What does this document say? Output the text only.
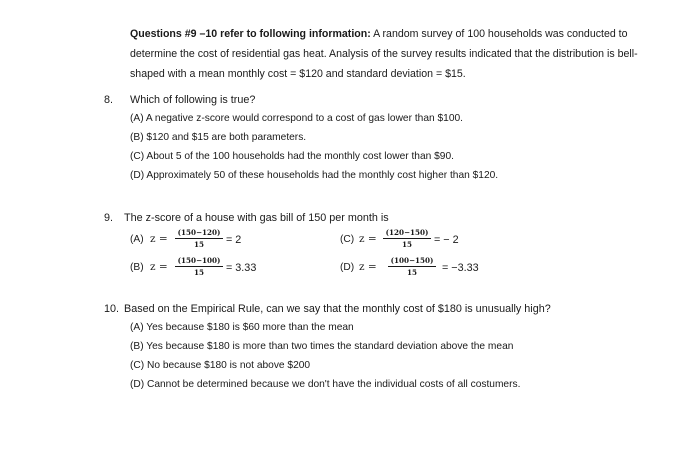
Questions #9 –10 refer to following information: A random survey of 100 households was conducted to determine the cost of residential gas heat. Analysis of the survey results indicated that the distribution is bell-shaped with a mean monthly cost = $120 and standard deviation = $15.
8. Which of following is true?
(A) A negative z-score would correspond to a cost of gas lower than $100.
(B) $120 and $15 are both parameters.
(C) About 5 of the 100 households had the monthly cost lower than $90.
(D) Approximately 50 of these households had the monthly cost higher than $120.
9. The z-score of a house with gas bill of 150 per month is
(A) $z = \frac{(150-120)}{15} = 2$
(B) $z = \frac{(150-100)}{15} = 3.33$
(C) $z = \frac{(120-150)}{15}$ = − 2
(D) $z = \frac{(100-150)}{15} = -3.33$
10. Based on the Empirical Rule, can we say that the monthly cost of $180 is unusually high?
(A) Yes because $180 is $60 more than the mean
(B) Yes because $180 is more than two times the standard deviation above the mean
(C) No because $180 is not above $200
(D) Cannot be determined because we don't have the individual costs of all costumers.
